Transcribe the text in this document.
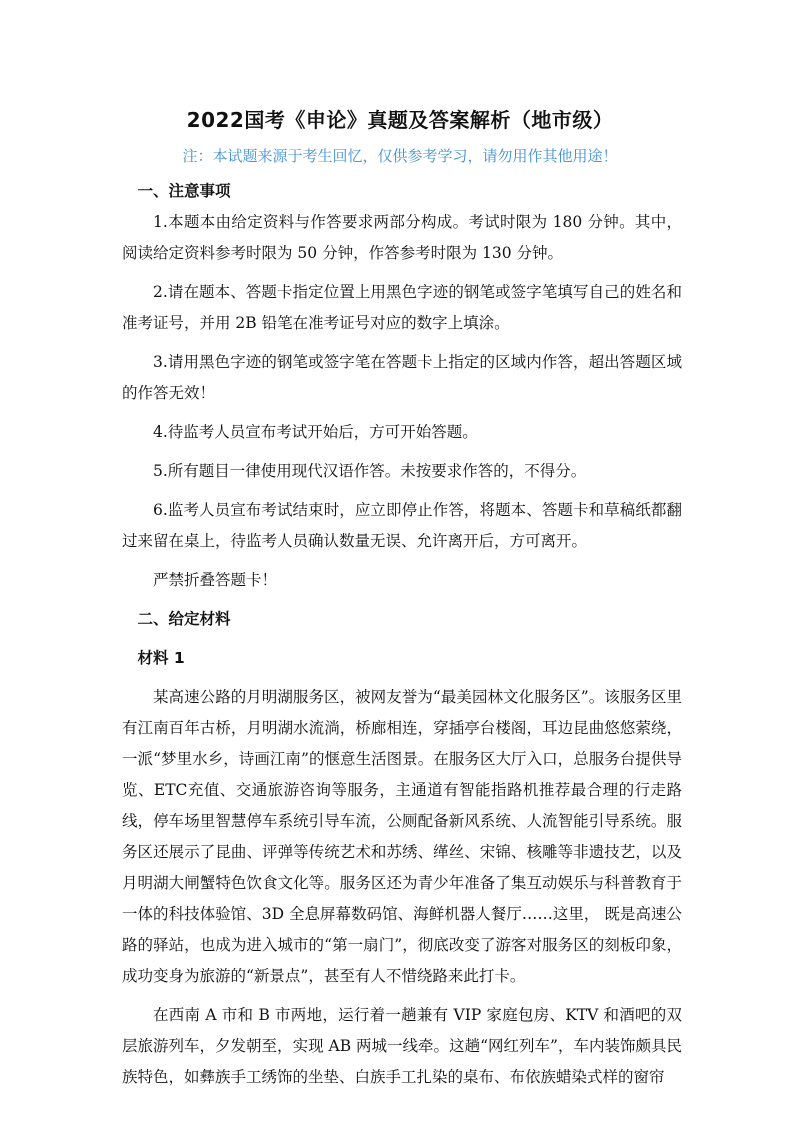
2022国考《申论》真题及答案解析（地市级）
注：本试题来源于考生回忆，仅供参考学习，请勿用作其他用途！
一、注意事项

1.本题本由给定资料与作答要求两部分构成。考试时限为 180 分钟。其中，阅读给定资料参考时限为 50 分钟，作答参考时限为 130 分钟。

2.请在题本、答题卡指定位置上用黑色字迹的钢笔或签字笔填写自己的姓名和准考证号，并用 2B 铅笔在准考证号对应的数字上填涂。

3.请用黑色字迹的钢笔或签字笔在答题卡上指定的区域内作答，超出答题区域的作答无效！

4.待监考人员宣布考试开始后，方可开始答题。

5.所有题目一律使用现代汉语作答。未按要求作答的，不得分。

6.监考人员宣布考试结束时，应立即停止作答，将题本、答题卡和草稿纸都翻过来留在桌上，待监考人员确认数量无误、允许离开后，方可离开。

严禁折叠答题卡！

二、给定材料
材料 1

某高速公路的月明湖服务区，被网友誉为“最美园林文化服务区”。该服务区里有江南百年古桥，月明湖水流淌，桥廊相连，穿插亭台楼阁，耳边昆曲悠悠萦绕，一派“梦里水乡，诗画江南”的惬意生活图景。在服务区大厅入口，总服务台提供导览、ETC充值、交通旅游咨询等服务，主通道有智能指路机推荐最合理的行走路线，停车场里智慧停车系统引导车流，公厕配备新风系统、人流智能引导系统。服务区还展示了昆曲、评弹等传统艺术和苏绣、缂丝、宋锦、核雕等非遗技艺，以及月明湖大闸蟹特色饮食文化等。服务区还为青少年准备了集互动娱乐与科普教育于一体的科技体验馆、3D 全息屏幕数码馆、海鲜机器人餐厅……这里， 既是高速公路的驿站，也成为进入城市的“第一扇门”，彻底改变了游客对服务区的刻板印象，成功变身为旅游的“新景点”，甚至有人不惜绕路来此打卡。

在西南 A 市和 B 市两地，运行着一趟兼有 VIP 家庭包房、KTV 和酒吧的双层旅游列车，夕发朝至，实现 AB 两城一线牵。这趟“网红列车”，车内装饰颇具民族特色，如彝族手工绣饰的坐垫、白族手工扎染的桌布、布依族蜡染式样的窗帘
